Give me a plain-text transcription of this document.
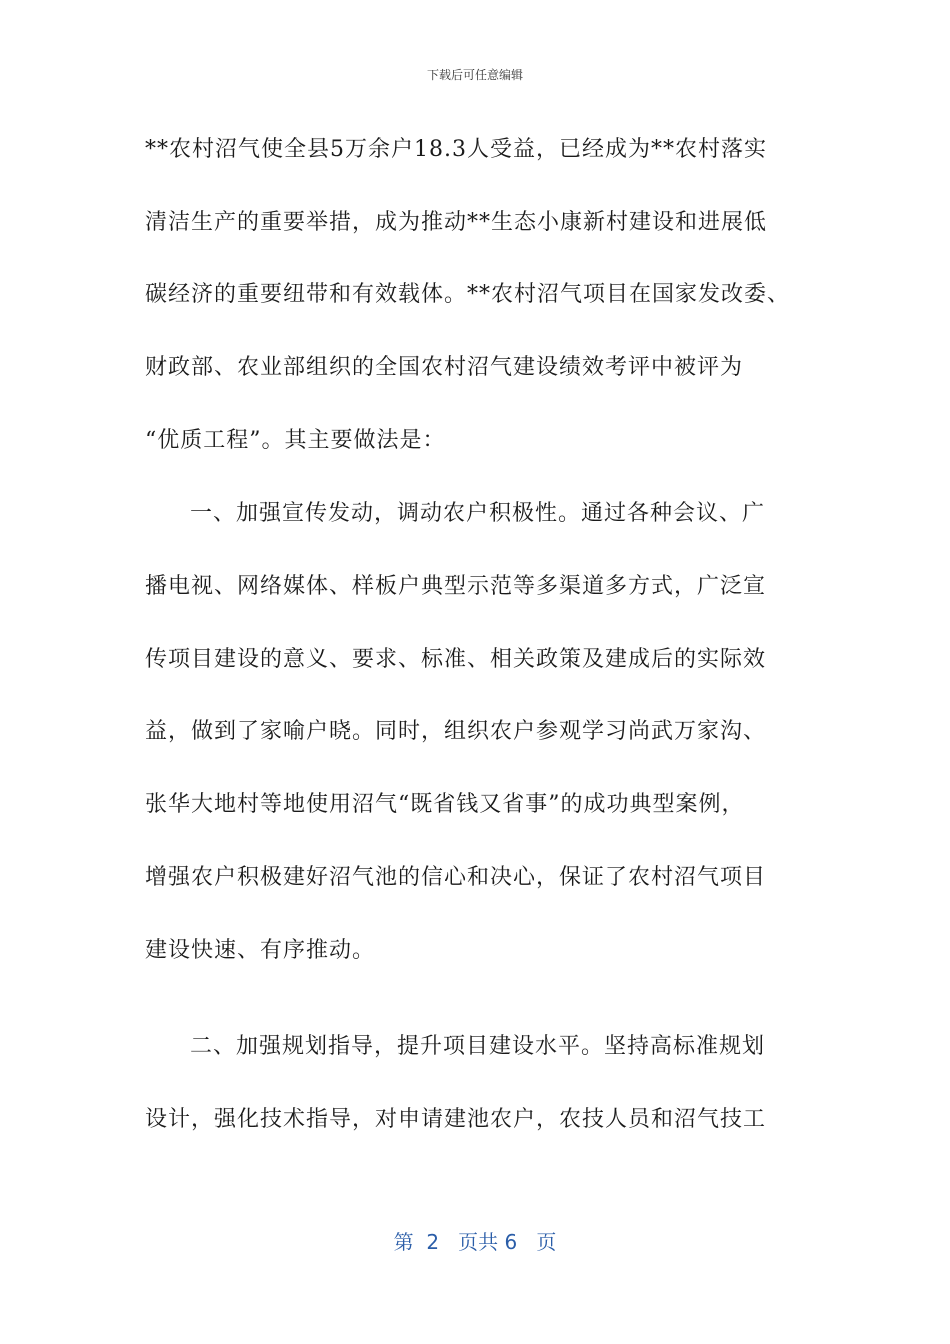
下载后可任意编辑
**农村沼气使全县5万余户18.3人受益，已经成为**农村落实
清洁生产的重要举措，成为推动**生态小康新村建设和进展低
碳经济的重要纽带和有效载体。**农村沼气项目在国家发改委、
财政部、农业部组织的全国农村沼气建设绩效考评中被评为
“优质工程”。其主要做法是：
一、加强宣传发动，调动农户积极性。通过各种会议、广
播电视、网络媒体、样板户典型示范等多渠道多方式，广泛宣
传项目建设的意义、要求、标准、相关政策及建成后的实际效
益，做到了家喻户晓。同时，组织农户参观学习尚武万家沟、
张华大地村等地使用沼气“既省钱又省事”的成功典型案例，
增强农户积极建好沼气池的信心和决心，保证了农村沼气项目
建设快速、有序推动。
二、加强规划指导，提升项目建设水平。坚持高标准规划
设计，强化技术指导，对申请建池农户，农技人员和沼气技工
第  2   页共 6   页
